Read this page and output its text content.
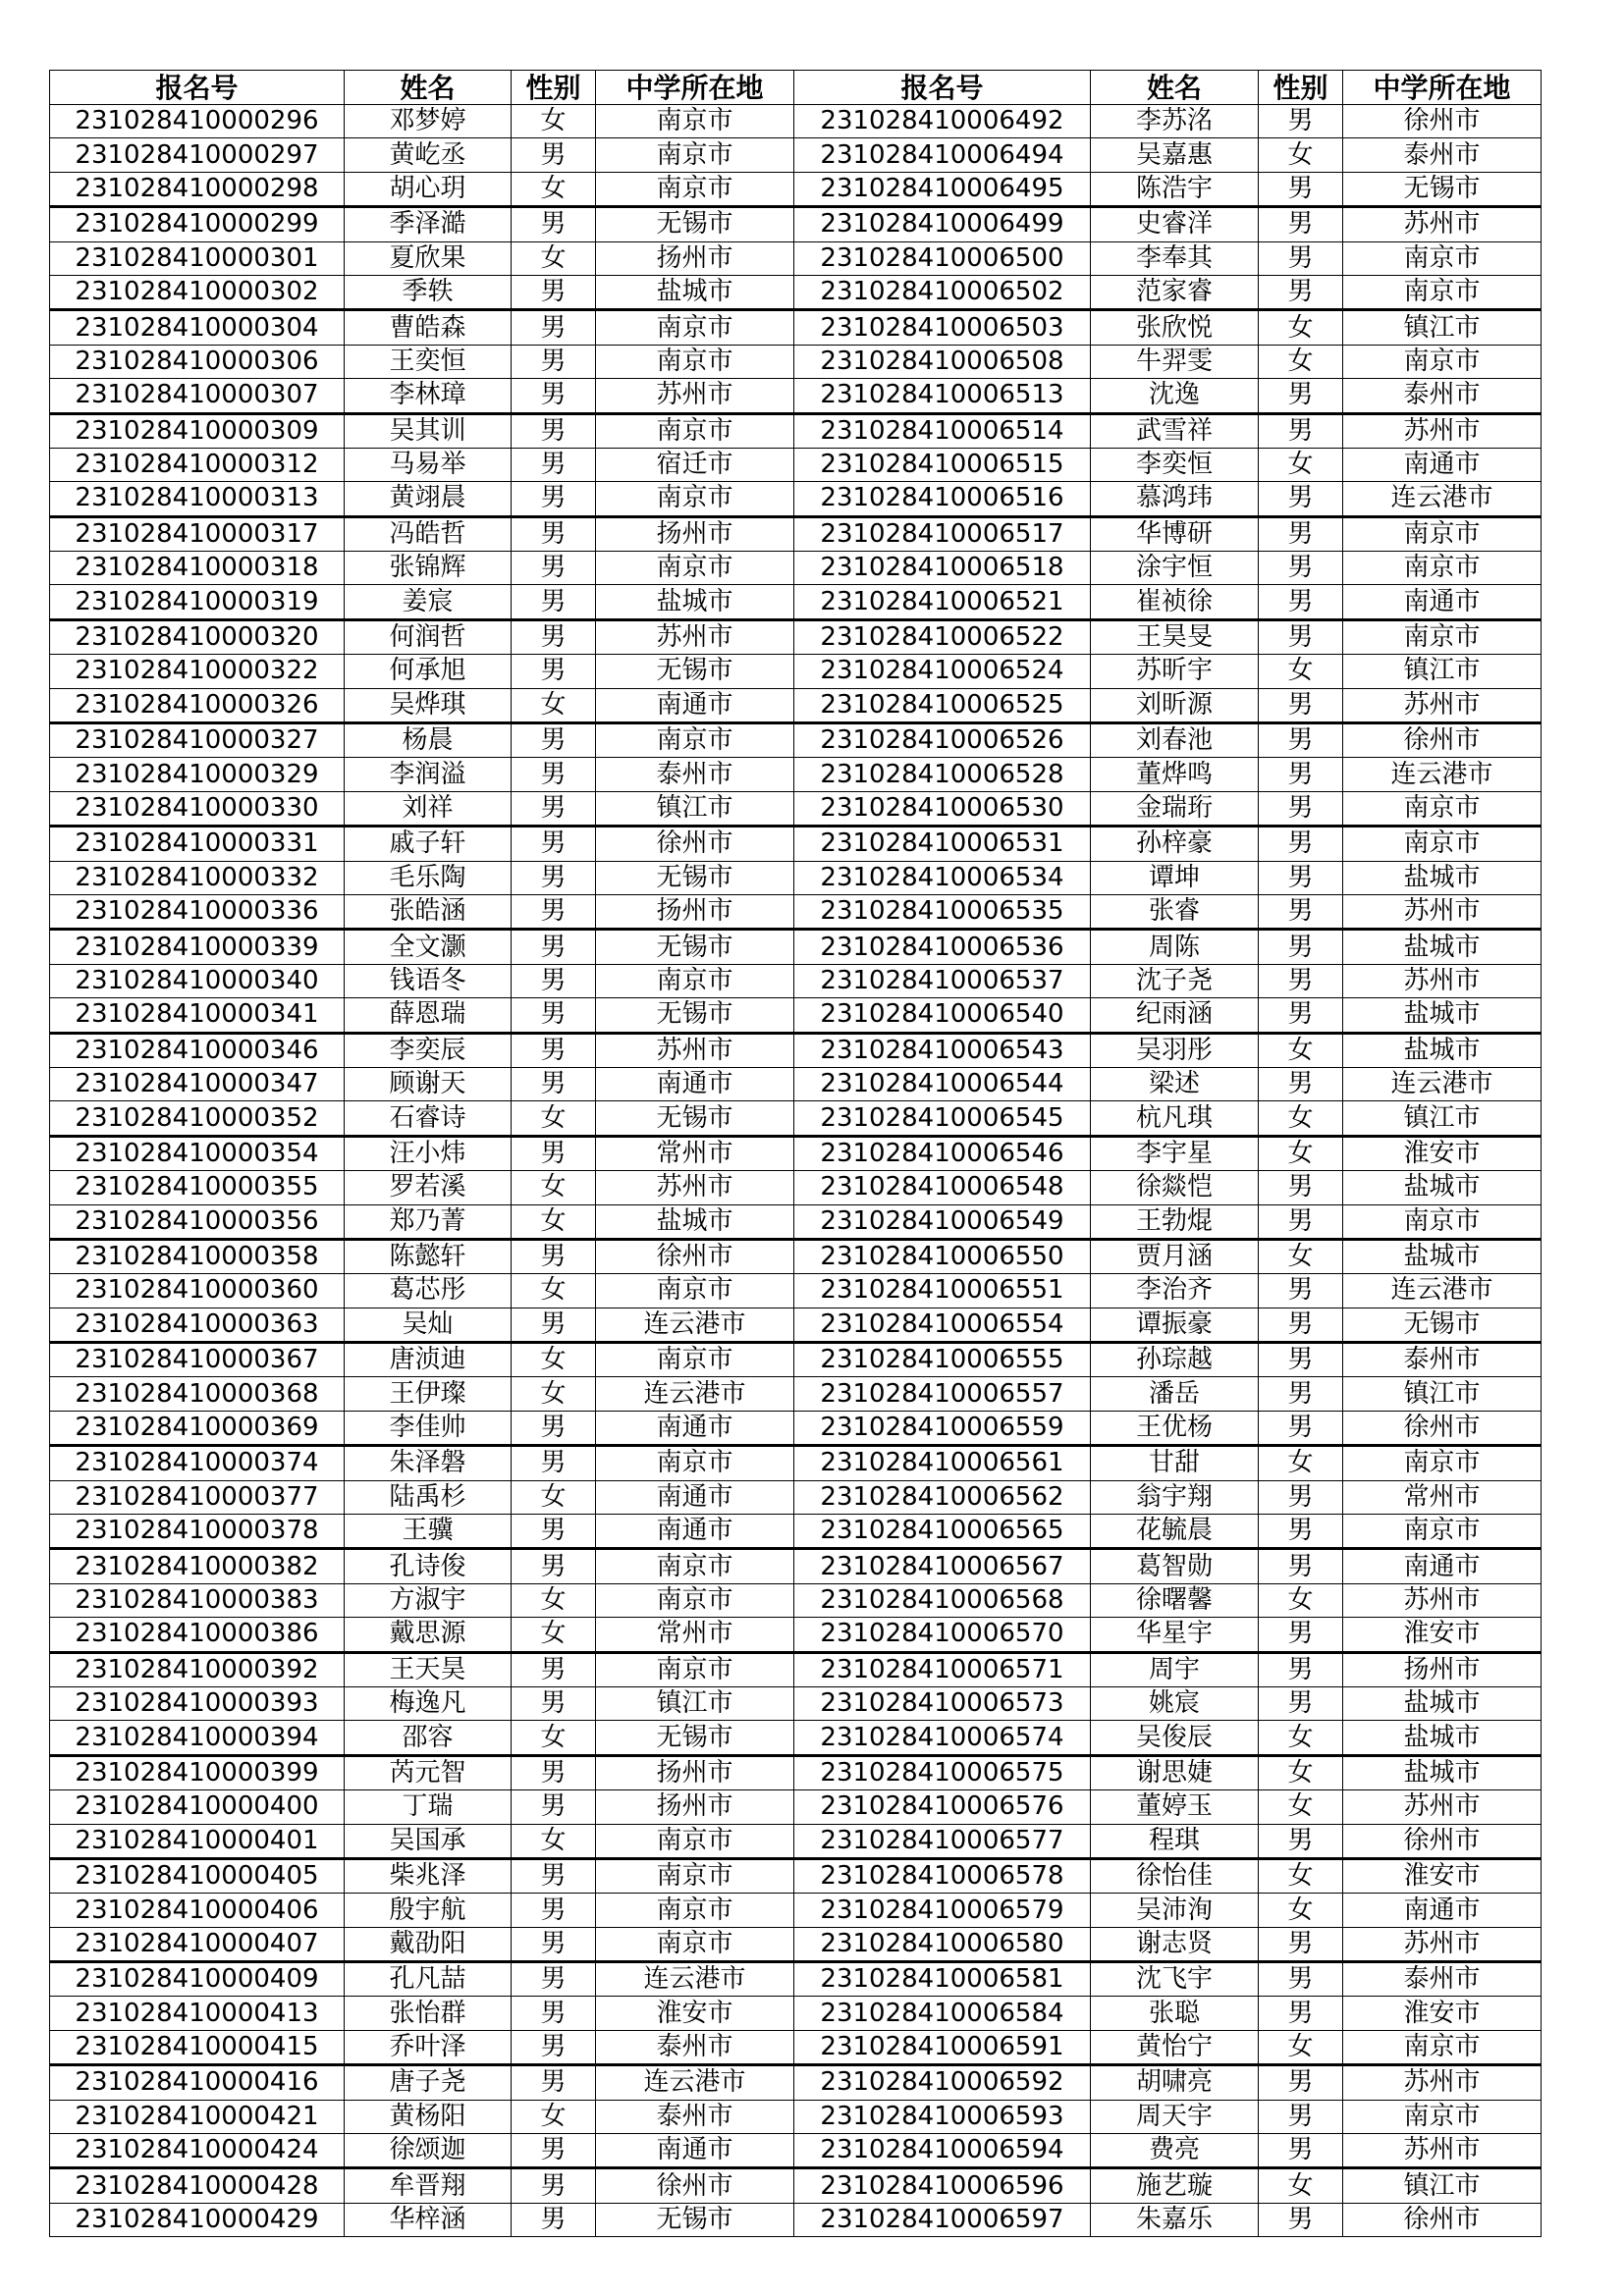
报名号	姓名	性别	中学所在地	报名号	姓名	性别	中学所在地
231028410000296	邓梦婷	女	南京市	231028410006492	李苏洺	男	徐州市
231028410000297	黄屹丞	男	南京市	231028410006494	吴嘉惠	女	泰州市
231028410000298	胡心玥	女	南京市	231028410006495	陈浩宇	男	无锡市
231028410000299	季泽澔	男	无锡市	231028410006499	史睿洋	男	苏州市
231028410000301	夏欣果	女	扬州市	231028410006500	李奉其	男	南京市
231028410000302	季轶	男	盐城市	231028410006502	范家睿	男	南京市
231028410000304	曹皓森	男	南京市	231028410006503	张欣悦	女	镇江市
231028410000306	王奕恒	男	南京市	231028410006508	牛羿雯	女	南京市
231028410000307	李林璋	男	苏州市	231028410006513	沈逸	男	泰州市
231028410000309	吴其训	男	南京市	231028410006514	武雪祥	男	苏州市
231028410000312	马易举	男	宿迁市	231028410006515	李奕恒	女	南通市
231028410000313	黄翊晨	男	南京市	231028410006516	慕鸿玮	男	连云港市
231028410000317	冯皓哲	男	扬州市	231028410006517	华博研	男	南京市
231028410000318	张锦辉	男	南京市	231028410006518	涂宇恒	男	南京市
231028410000319	姜宸	男	盐城市	231028410006521	崔祯徐	男	南通市
231028410000320	何润哲	男	苏州市	231028410006522	王昊旻	男	南京市
231028410000322	何承旭	男	无锡市	231028410006524	苏昕宇	女	镇江市
231028410000326	吴烨琪	女	南通市	231028410006525	刘昕源	男	苏州市
231028410000327	杨晨	男	南京市	231028410006526	刘春池	男	徐州市
231028410000329	李润溢	男	泰州市	231028410006528	董烨鸣	男	连云港市
231028410000330	刘祥	男	镇江市	231028410006530	金瑞珩	男	南京市
231028410000331	戚子轩	男	徐州市	231028410006531	孙梓豪	男	南京市
231028410000332	毛乐陶	男	无锡市	231028410006534	谭坤	男	盐城市
231028410000336	张皓涵	男	扬州市	231028410006535	张睿	男	苏州市
231028410000339	全文灏	男	无锡市	231028410006536	周陈	男	盐城市
231028410000340	钱语冬	男	南京市	231028410006537	沈子尧	男	苏州市
231028410000341	薛恩瑞	男	无锡市	231028410006540	纪雨涵	男	盐城市
231028410000346	李奕辰	男	苏州市	231028410006543	吴羽彤	女	盐城市
231028410000347	顾谢天	男	南通市	231028410006544	梁述	男	连云港市
231028410000352	石睿诗	女	无锡市	231028410006545	杭凡琪	女	镇江市
231028410000354	汪小炜	男	常州市	231028410006546	李宇星	女	淮安市
231028410000355	罗若溪	女	苏州市	231028410006548	徐燚恺	男	盐城市
231028410000356	郑乃菁	女	盐城市	231028410006549	王勃焜	男	南京市
231028410000358	陈懿轩	男	徐州市	231028410006550	贾月涵	女	盐城市
231028410000360	葛芯彤	女	南京市	231028410006551	李治齐	男	连云港市
231028410000363	吴灿	男	连云港市	231028410006554	谭振豪	男	无锡市
231028410000367	唐浈迪	女	南京市	231028410006555	孙琮越	男	泰州市
231028410000368	王伊璨	女	连云港市	231028410006557	潘岳	男	镇江市
231028410000369	李佳帅	男	南通市	231028410006559	王优杨	男	徐州市
231028410000374	朱泽磐	男	南京市	231028410006561	甘甜	女	南京市
231028410000377	陆禹杉	女	南通市	231028410006562	翁宇翔	男	常州市
231028410000378	王骥	男	南通市	231028410006565	花毓晨	男	南京市
231028410000382	孔诗俊	男	南京市	231028410006567	葛智勋	男	南通市
231028410000383	方淑宇	女	南京市	231028410006568	徐曙馨	女	苏州市
231028410000386	戴思源	女	常州市	231028410006570	华星宇	男	淮安市
231028410000392	王天昊	男	南京市	231028410006571	周宇	男	扬州市
231028410000393	梅逸凡	男	镇江市	231028410006573	姚宸	男	盐城市
231028410000394	邵容	女	无锡市	231028410006574	吴俊辰	女	盐城市
231028410000399	芮元智	男	扬州市	231028410006575	谢思婕	女	盐城市
231028410000400	丁瑞	男	扬州市	231028410006576	董婷玉	女	苏州市
231028410000401	吴国承	女	南京市	231028410006577	程琪	男	徐州市
231028410000405	柴兆泽	男	南京市	231028410006578	徐怡佳	女	淮安市
231028410000406	殷宇航	男	南京市	231028410006579	吴沛洵	女	南通市
231028410000407	戴劭阳	男	南京市	231028410006580	谢志贤	男	苏州市
231028410000409	孔凡喆	男	连云港市	231028410006581	沈飞宇	男	泰州市
231028410000413	张怡群	男	淮安市	231028410006584	张聪	男	淮安市
231028410000415	乔叶泽	男	泰州市	231028410006591	黄怡宁	女	南京市
231028410000416	唐子尧	男	连云港市	231028410006592	胡啸亮	男	苏州市
231028410000421	黄杨阳	女	泰州市	231028410006593	周天宇	男	南京市
231028410000424	徐颂迦	男	南通市	231028410006594	费亮	男	苏州市
231028410000428	牟晋翔	男	徐州市	231028410006596	施艺璇	女	镇江市
231028410000429	华梓涵	男	无锡市	231028410006597	朱嘉乐	男	徐州市
